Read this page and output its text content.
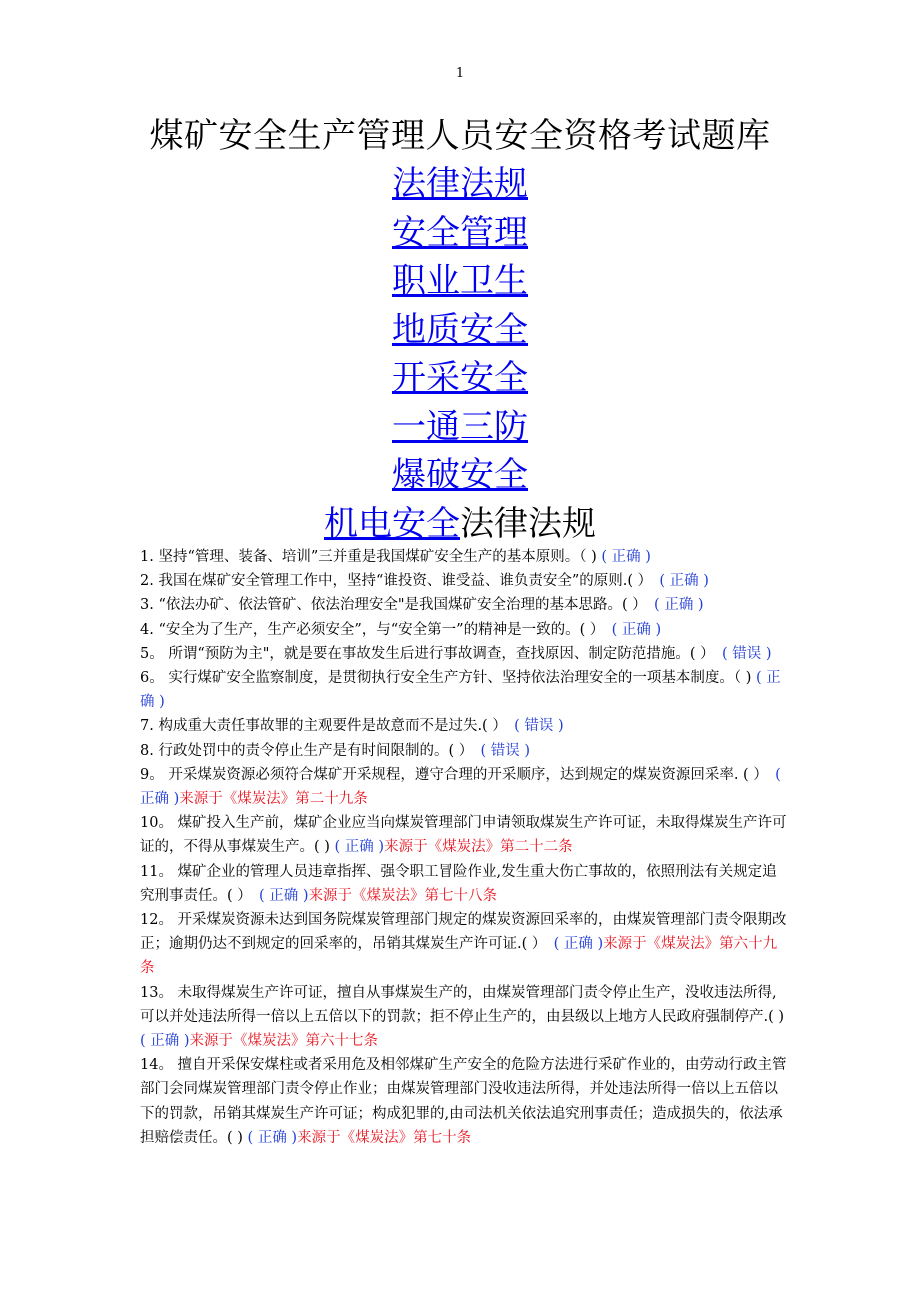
1
煤矿安全生产管理人员安全资格考试题库
法律法规
安全管理
职业卫生
地质安全
开采安全
一通三防
爆破安全
机电安全法律法规

1. 坚持“管理、装备、培训”三并重是我国煤矿安全生产的基本原则。（ ) ( 正确 )

2. 我国在煤矿安全管理工作中，坚持“谁投资、谁受益、谁负责安全”的原则.( ）　( 正确 )

3. “依法办矿、依法管矿、依法治理安全"是我国煤矿安全治理的基本思路。( ）　( 正确 )

4. “安全为了生产，生产必须安全”，与“安全第一”的精神是一致的。( ）　( 正确 )

5。 所谓“预防为主"，就是要在事故发生后进行事故调查，查找原因、制定防范措施。( ）　( 错误 )

6。 实行煤矿安全监察制度，是贯彻执行安全生产方针、坚持依法治理安全的一项基本制度。（ ) ( 正确 )

7. 构成重大责任事故罪的主观要件是故意而不是过失.( ）　( 错误 )

8. 行政处罚中的责令停止生产是有时间限制的。( ）　( 错误 )

9。 开采煤炭资源必须符合煤矿开采规程，遵守合理的开采顺序，达到规定的煤炭资源回采率. ( ）　( 正确 )来源于《煤炭法》第二十九条

10。 煤矿投入生产前，煤矿企业应当向煤炭管理部门申请领取煤炭生产许可证，未取得煤炭生产许可证的，不得从事煤炭生产。( ) ( 正确 )来源于《煤炭法》第二十二条

11。 煤矿企业的管理人员违章指挥、强令职工冒险作业,发生重大伤亡事故的，依照刑法有关规定追究刑事责任。( ）　( 正确 )来源于《煤炭法》第七十八条

12。 开采煤炭资源未达到国务院煤炭管理部门规定的煤炭资源回采率的，由煤炭管理部门责令限期改正；逾期仍达不到规定的回采率的，吊销其煤炭生产许可证.( ）　( 正确 )来源于《煤炭法》第六十九条

13。 未取得煤炭生产许可证，擅自从事煤炭生产的，由煤炭管理部门责令停止生产，没收违法所得,可以并处违法所得一倍以上五倍以下的罚款；拒不停止生产的，由县级以上地方人民政府强制停产.( ) ( 正确 )来源于《煤炭法》第六十七条

14。 擅自开采保安煤柱或者采用危及相邻煤矿生产安全的危险方法进行采矿作业的，由劳动行政主管部门会同煤炭管理部门责令停止作业；由煤炭管理部门没收违法所得，并处违法所得一倍以上五倍以下的罚款，吊销其煤炭生产许可证；构成犯罪的,由司法机关依法追究刑事责任；造成损失的，依法承担赔偿责任。( ) ( 正确 )来源于《煤炭法》第七十条
